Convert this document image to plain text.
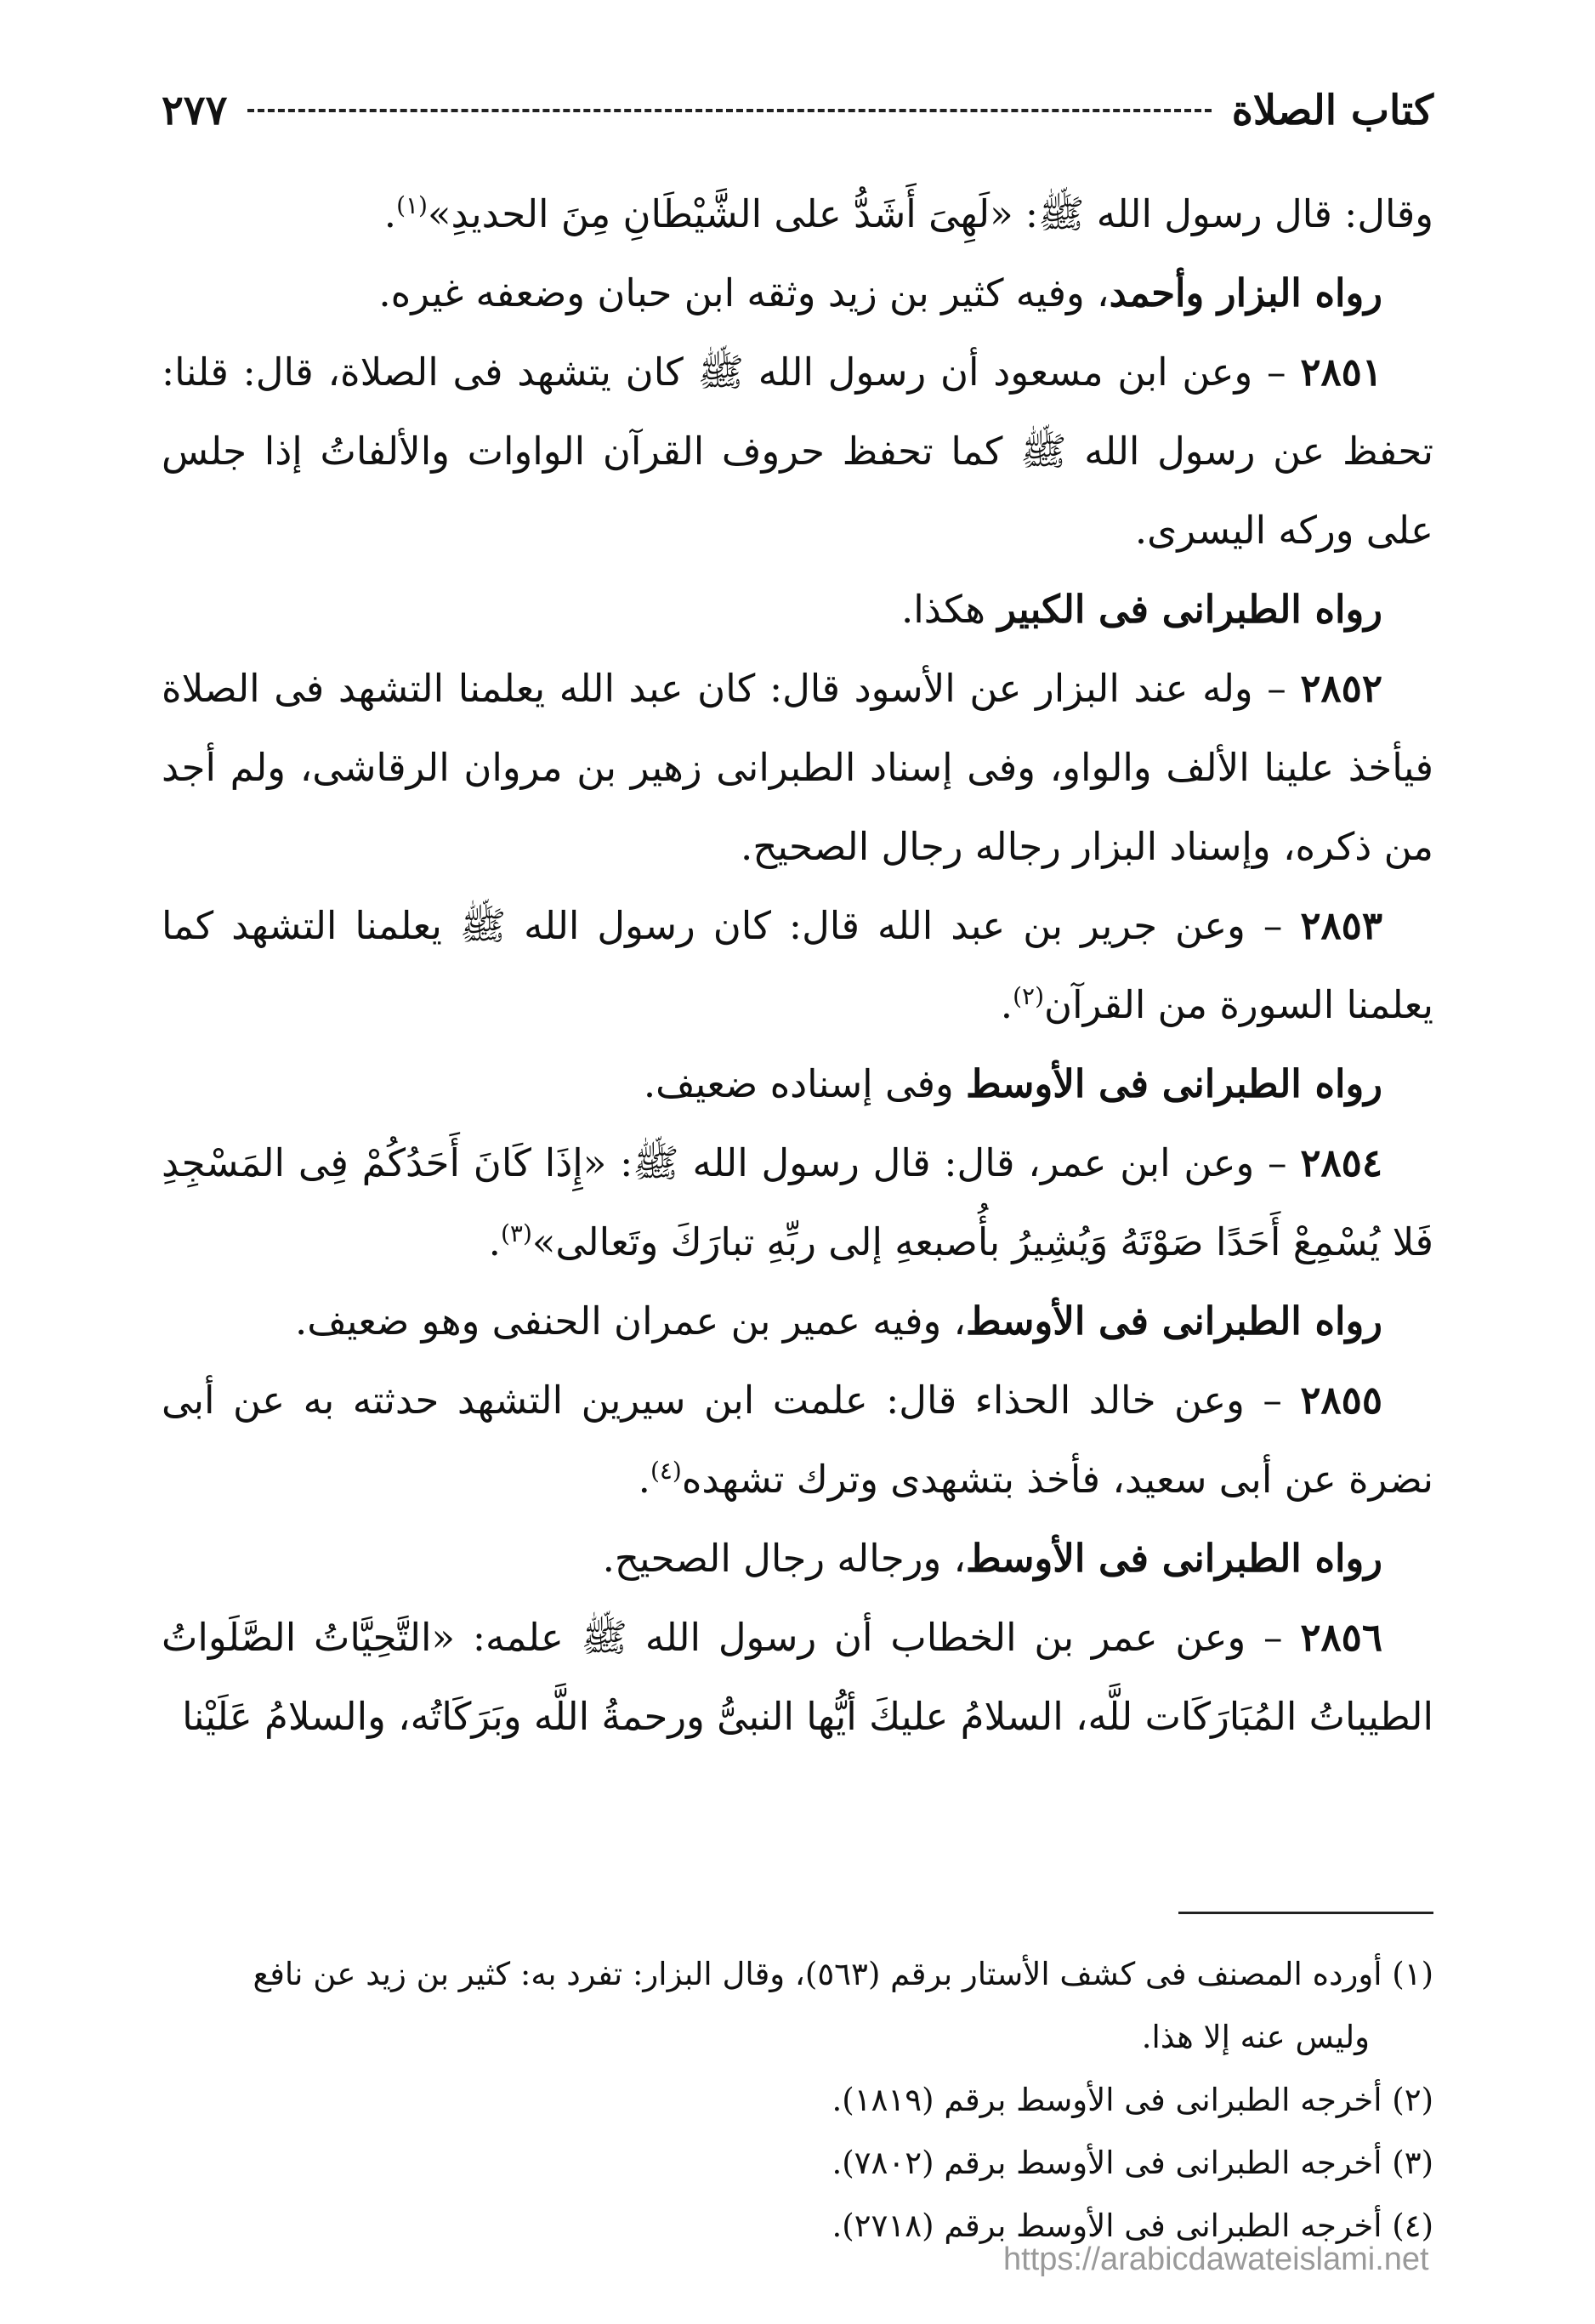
كتاب الصلاة
٢٧٧

وقال: قال رسول الله ﷺ: «لَهِىَ أَشَدُّ على الشَّيْطَانِ مِنَ الحديدِ»$^{(١)}$.

رواه البزار وأحمد، وفيه كثير بن زيد وثقه ابن حبان وضعفه غيره.

٢٨٥١ – وعن ابن مسعود أن رسول الله ﷺ كان يتشهد فى الصلاة، قال: قلنا: تحفظ عن رسول الله ﷺ كما تحفظ حروف القرآن الواوات والألفاتُ إذا جلس على وركه اليسرى.

رواه الطبرانى فى الكبير هكذا.

٢٨٥٢ – وله عند البزار عن الأسود قال: كان عبد الله يعلمنا التشهد فى الصلاة فيأخذ علينا الألف والواو، وفى إسناد الطبرانى زهير بن مروان الرقاشى، ولم أجد من ذكره، وإسناد البزار رجاله رجال الصحيح.

٢٨٥٣ – وعن جرير بن عبد الله قال: كان رسول الله ﷺ يعلمنا التشهد كما يعلمنا السورة من القرآن$^{(٢)}$.

رواه الطبرانى فى الأوسط وفى إسناده ضعيف.

٢٨٥٤ – وعن ابن عمر، قال: قال رسول الله ﷺ: «إِذَا كَانَ أَحَدُكُمْ فِى المَسْجِدِ فَلا يُسْمِعْ أَحَدًا صَوْتَهُ وَيُشِيرُ بأُصبعهِ إلى ربِّهِ تبارَكَ وتَعالى»$^{(٣)}$.

رواه الطبرانى فى الأوسط، وفيه عمير بن عمران الحنفى وهو ضعيف.

٢٨٥٥ – وعن خالد الحذاء قال: علمت ابن سيرين التشهد حدثته به عن أبى نضرة عن أبى سعيد، فأخذ بتشهدى وترك تشهده$^{(٤)}$.

رواه الطبرانى فى الأوسط، ورجاله رجال الصحيح.

٢٨٥٦ – وعن عمر بن الخطاب أن رسول الله ﷺ علمه: «التَّحِيَّاتُ الصَّلَواتُ الطيباتُ المُبَارَكَات للَّه، السلامُ عليكَ أيُّها النبىُّ ورحمةُ اللَّه وبَرَكَاتُه، والسلامُ عَلَيْنا

(١) أورده المصنف فى كشف الأستار برقم (٥٦٣)، وقال البزار: تفرد به: كثير بن زيد عن نافع

وليس عنه إلا هذا.

(٢) أخرجه الطبرانى فى الأوسط برقم (١٨١٩).

(٣) أخرجه الطبرانى فى الأوسط برقم (٧٨٠٢).

(٤) أخرجه الطبرانى فى الأوسط برقم (٢٧١٨).

https://arabicdawateislami.net
